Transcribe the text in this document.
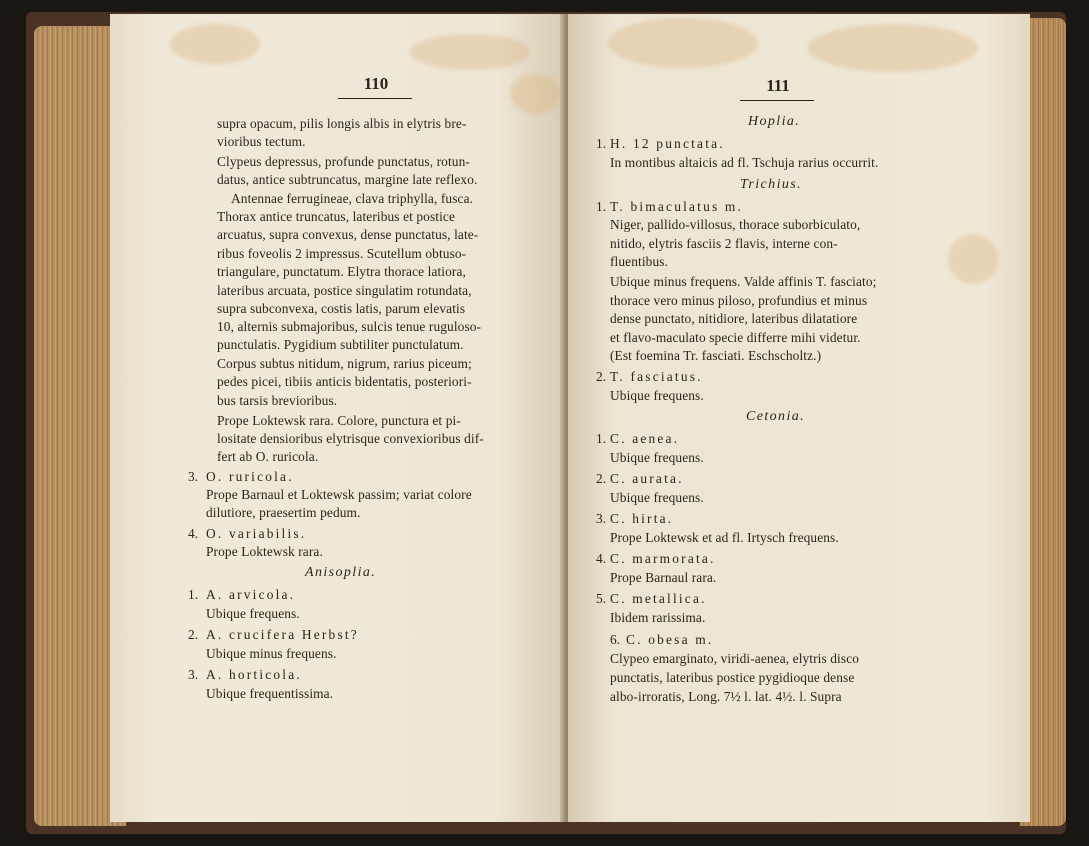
110
supra opacum, pilis longis albis in elytris bre-
vioribus tectum.
Clypeus depressus, profunde punctatus, rotun-
datus, antice subtruncatus, margine late reflexo.
Antennae ferrugineae, clava triphylla, fusca.
Thorax antice truncatus, lateribus et postice
arcuatus, supra convexus, dense punctatus, late-
ribus foveolis 2 impressus. Scutellum obtuso-
triangulare, punctatum. Elytra thorace latiora,
lateribus arcuata, postice singulatim rotundata,
supra subconvexa, costis latis, parum elevatis
10, alternis submajoribus, sulcis tenue ruguloso-
punctulatis. Pygidium subtiliter punctulatum.
Corpus subtus nitidum, nigrum, rarius piceum;
pedes picei, tibiis anticis bidentatis, posteriori-
bus tarsis brevioribus.
Prope Loktewsk rara. Colore, punctura et pi-
lositate densioribus elytrisque convexioribus dif-
fert ab O. ruricola.
3. O. ruricola.
Prope Barnaul et Loktewsk passim; variat colore
dilutiore, praesertim pedum.
4. O. variabilis.
Prope Loktewsk rara.
Anisoplia.
1. A. arvicola.
Ubique frequens.
2. A. crucifera Herbst?
Ubique minus frequens.
3. A. horticola.
Ubique frequentissima.
111
Hoplia.
1. H. 12 punctata.
In montibus altaicis ad fl. Tschuja rarius occurrit.
Trichius.
1. T. bimaculatus m.
Niger, pallido-villosus, thorace suborbiculato,
nitido, elytris fasciis 2 flavis, interne con-
fluentibus.
Ubique minus frequens. Valde affinis T. fasciato;
thorace vero minus piloso, profundius et minus
dense punctato, nitidiore, lateribus dilatatiore
et flavo-maculato specie differre mihi videtur.
(Est foemina Tr. fasciati. Eschscholtz.)
2. T. fasciatus.
Ubique frequens.
Cetonia.
1. C. aenea.
Ubique frequens.
2. C. aurata.
Ubique frequens.
3. C. hirta.
Prope Loktewsk et ad fl. Irtysch frequens.
4. C. marmorata.
Prope Barnaul rara.
5. C. metallica.
Ibidem rarissima.
6. C. obesa m.
Clypeo emarginato, viridi-aenea, elytris disco
punctatis, lateribus postice pygidioque dense
albo-irroratis, Long. 7½ l. lat. 4½. l. Supra
